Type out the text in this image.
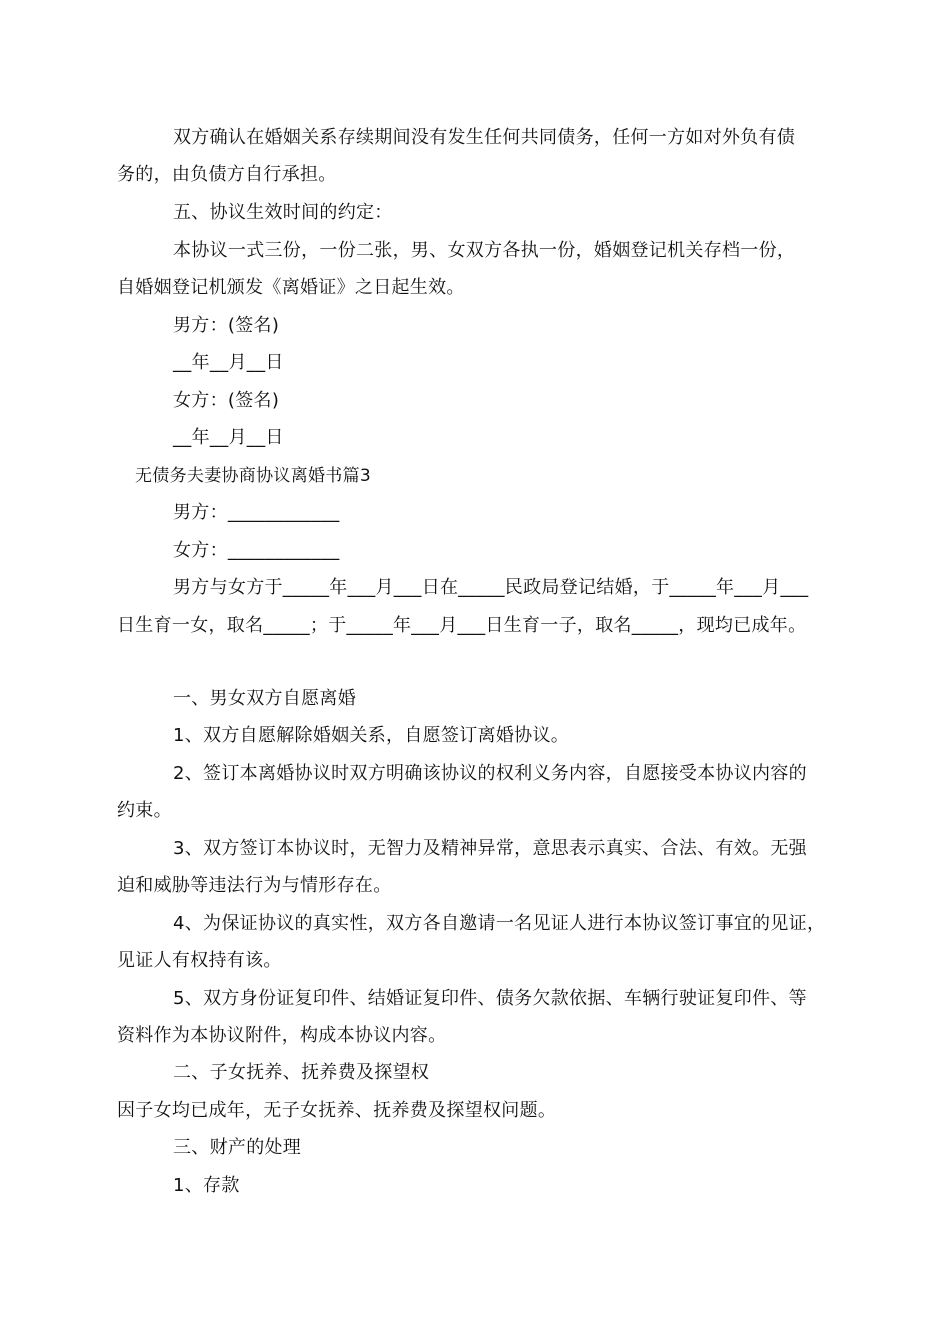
双方确认在婚姻关系存续期间没有发生任何共同债务，任何一方如对外负有债
务的，由负债方自行承担。
五、协议生效时间的约定：
本协议一式三份，一份二张，男、女双方各执一份，婚姻登记机关存档一份，
自婚姻登记机颁发《离婚证》之日起生效。
男方：(签名)
__年__月__日
女方：(签名)
__年__月__日
无债务夫妻协商协议离婚书篇3
男方：____________
女方：____________
男方与女方于_____年___月___日在_____民政局登记结婚，于_____年___月___
日生育一女，取名_____；于_____年___月___日生育一子，取名_____，现均已成年。
一、男女双方自愿离婚
1、双方自愿解除婚姻关系，自愿签订离婚协议。
2、签订本离婚协议时双方明确该协议的权利义务内容，自愿接受本协议内容的
约束。
3、双方签订本协议时，无智力及精神异常，意思表示真实、合法、有效。无强
迫和威胁等违法行为与情形存在。
4、为保证协议的真实性，双方各自邀请一名见证人进行本协议签订事宜的见证，
见证人有权持有该。
5、双方身份证复印件、结婚证复印件、债务欠款依据、车辆行驶证复印件、等
资料作为本协议附件，构成本协议内容。
二、子女抚养、抚养费及探望权
因子女均已成年，无子女抚养、抚养费及探望权问题。
三、财产的处理
1、存款
